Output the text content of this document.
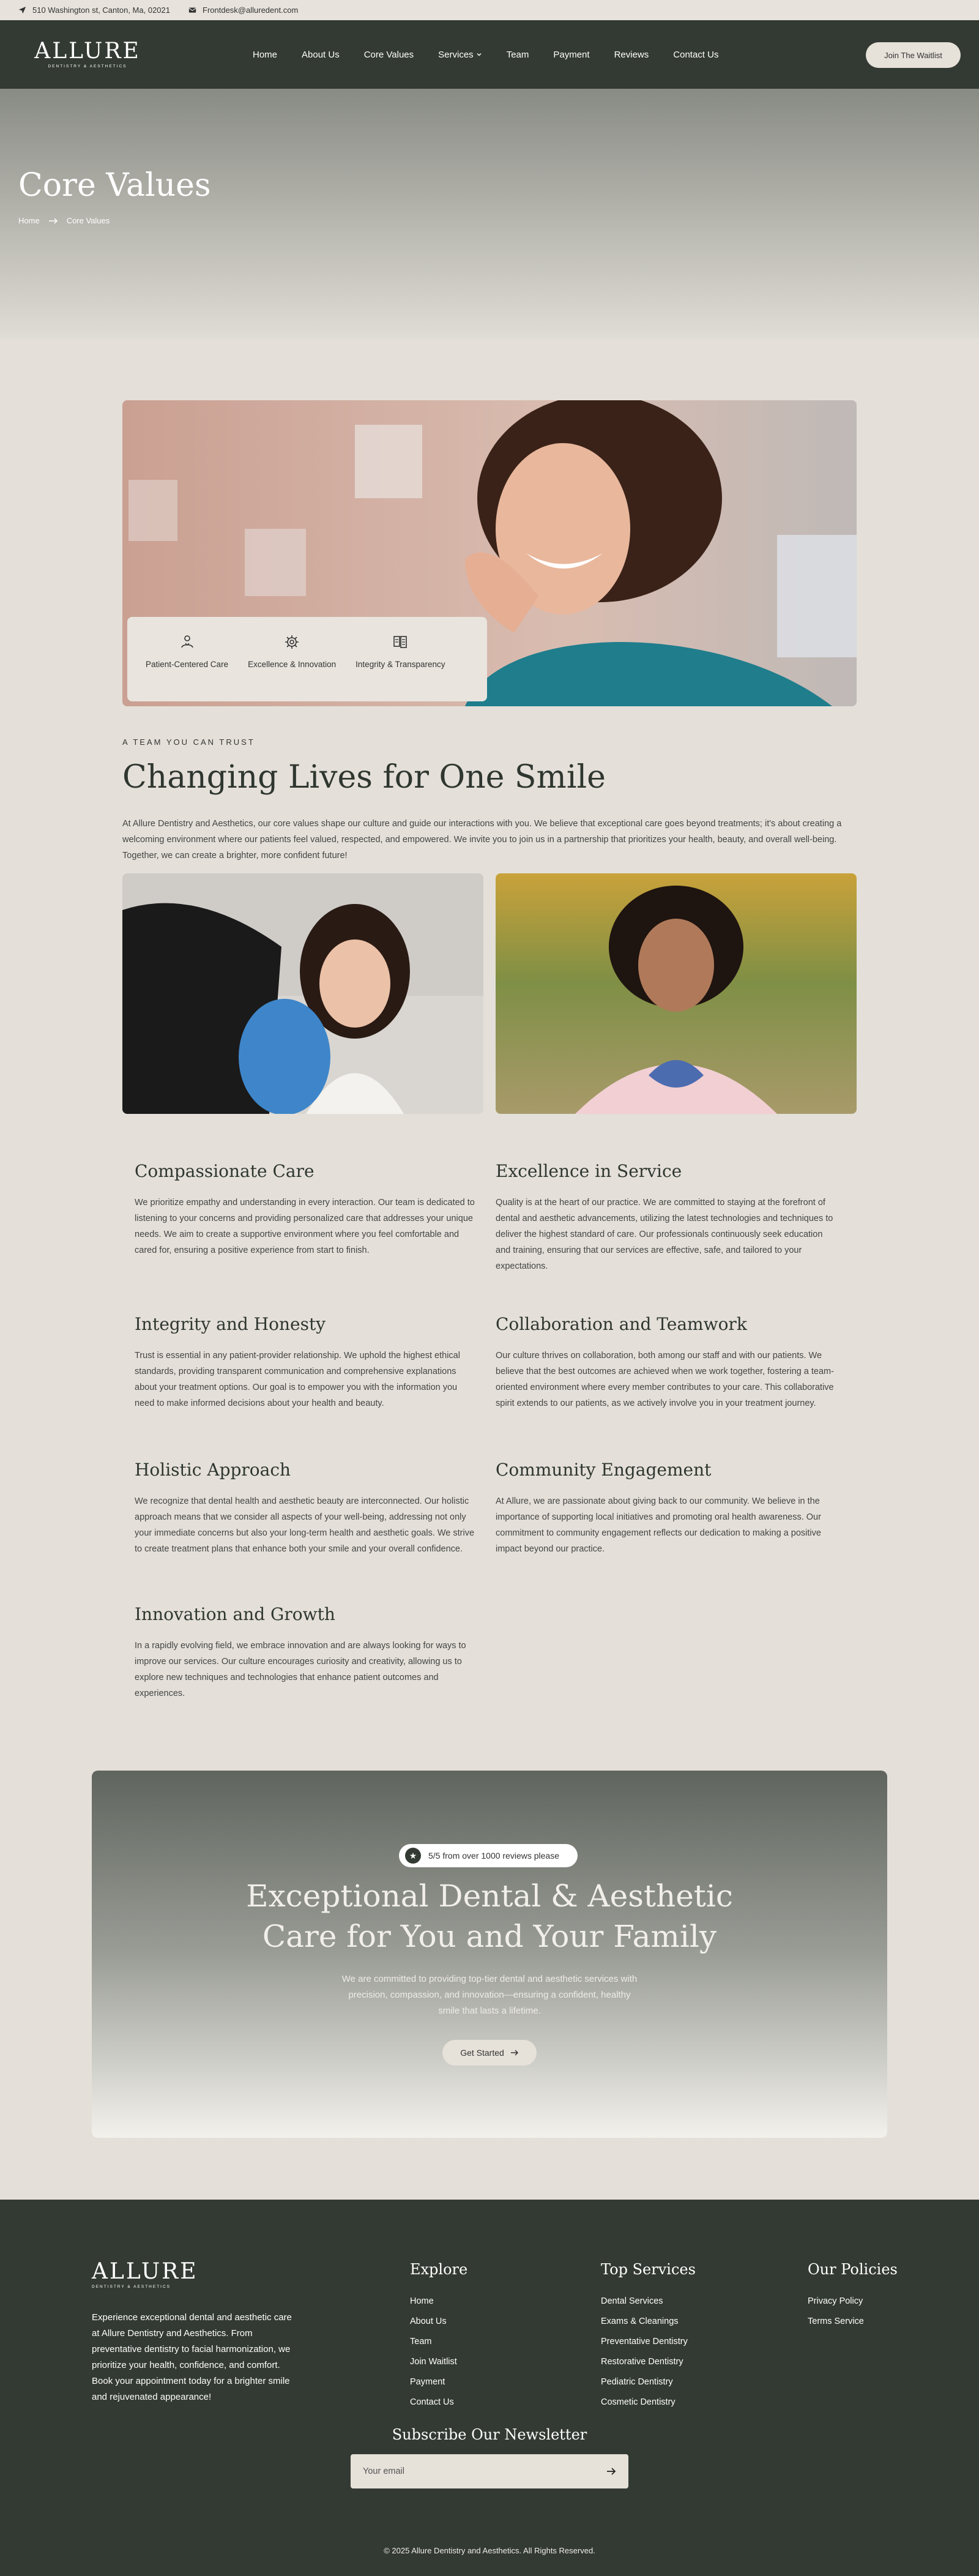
510 Washington st, Canton, Ma, 02021	Frontdesk@alluredent.com
ALLURE
DENTISTRY & AESTHETICS
Home	About Us	Core Values	Services	Team	Payment	Reviews	Contact Us	Join The Waitlist
Core Values
Home	Core Values
Patient-Centered Care Excellence & Innovation Integrity & Transparency
A TEAM YOU CAN TRUST
Changing Lives for One Smile

At Allure Dentistry and Aesthetics, our core values shape our culture and guide our interactions with you. We believe that exceptional care goes beyond treatments; it's about creating a welcoming environment where our patients feel valued, respected, and empowered. We invite you to join us in a partnership that prioritizes your health, beauty, and overall well-being. Together, we can create a brighter, more confident future!

Compassionate Care

We prioritize empathy and understanding in every interaction. Our team is dedicated to listening to your concerns and providing personalized care that addresses your unique needs. We aim to create a supportive environment where you feel comfortable and cared for, ensuring a positive experience from start to finish.

Excellence in Service

Quality is at the heart of our practice. We are committed to staying at the forefront of dental and aesthetic advancements, utilizing the latest technologies and techniques to deliver the highest standard of care. Our professionals continuously seek education and training, ensuring that our services are effective, safe, and tailored to your expectations.

Integrity and Honesty

Trust is essential in any patient-provider relationship. We uphold the highest ethical standards, providing transparent communication and comprehensive explanations about your treatment options. Our goal is to empower you with the information you need to make informed decisions about your health and beauty.

Collaboration and Teamwork

Our culture thrives on collaboration, both among our staff and with our patients. We believe that the best outcomes are achieved when we work together, fostering a team-oriented environment where every member contributes to your care. This collaborative spirit extends to our patients, as we actively involve you in your treatment journey.

Holistic Approach

We recognize that dental health and aesthetic beauty are interconnected. Our holistic approach means that we consider all aspects of your well-being, addressing not only your immediate concerns but also your long-term health and aesthetic goals. We strive to create treatment plans that enhance both your smile and your overall confidence.

Community Engagement

At Allure, we are passionate about giving back to our community. We believe in the importance of supporting local initiatives and promoting oral health awareness. Our commitment to community engagement reflects our dedication to making a positive impact beyond our practice.

Innovation and Growth

In a rapidly evolving field, we embrace innovation and are always looking for ways to improve our services. Our culture encourages curiosity and creativity, allowing us to explore new techniques and technologies that enhance patient outcomes and experiences.

★	5/5 from over 1000 reviews please
Exceptional Dental & Aesthetic
Care for You and Your Family

We are committed to providing top-tier dental and aesthetic services with precision, compassion, and innovation—ensuring a confident, healthy smile that lasts a lifetime.

Get Started
ALLURE
DENTISTRY & AESTHETICS

Experience exceptional dental and aesthetic care at Allure Dentistry and Aesthetics. From preventative dentistry to facial harmonization, we prioritize your health, confidence, and comfort. Book your appointment today for a brighter smile and rejuvenated appearance!

Explore
Home
About Us
Team
Join Waitlist
Payment
Contact Us
Top Services
Dental Services
Exams & Cleanings
Preventative Dentistry
Restorative Dentistry
Pediatric Dentistry
Cosmetic Dentistry
Our Policies
Privacy Policy
Terms Service
Subscribe Our Newsletter
Your email
© 2025 Allure Dentistry and Aesthetics. All Rights Reserved.
